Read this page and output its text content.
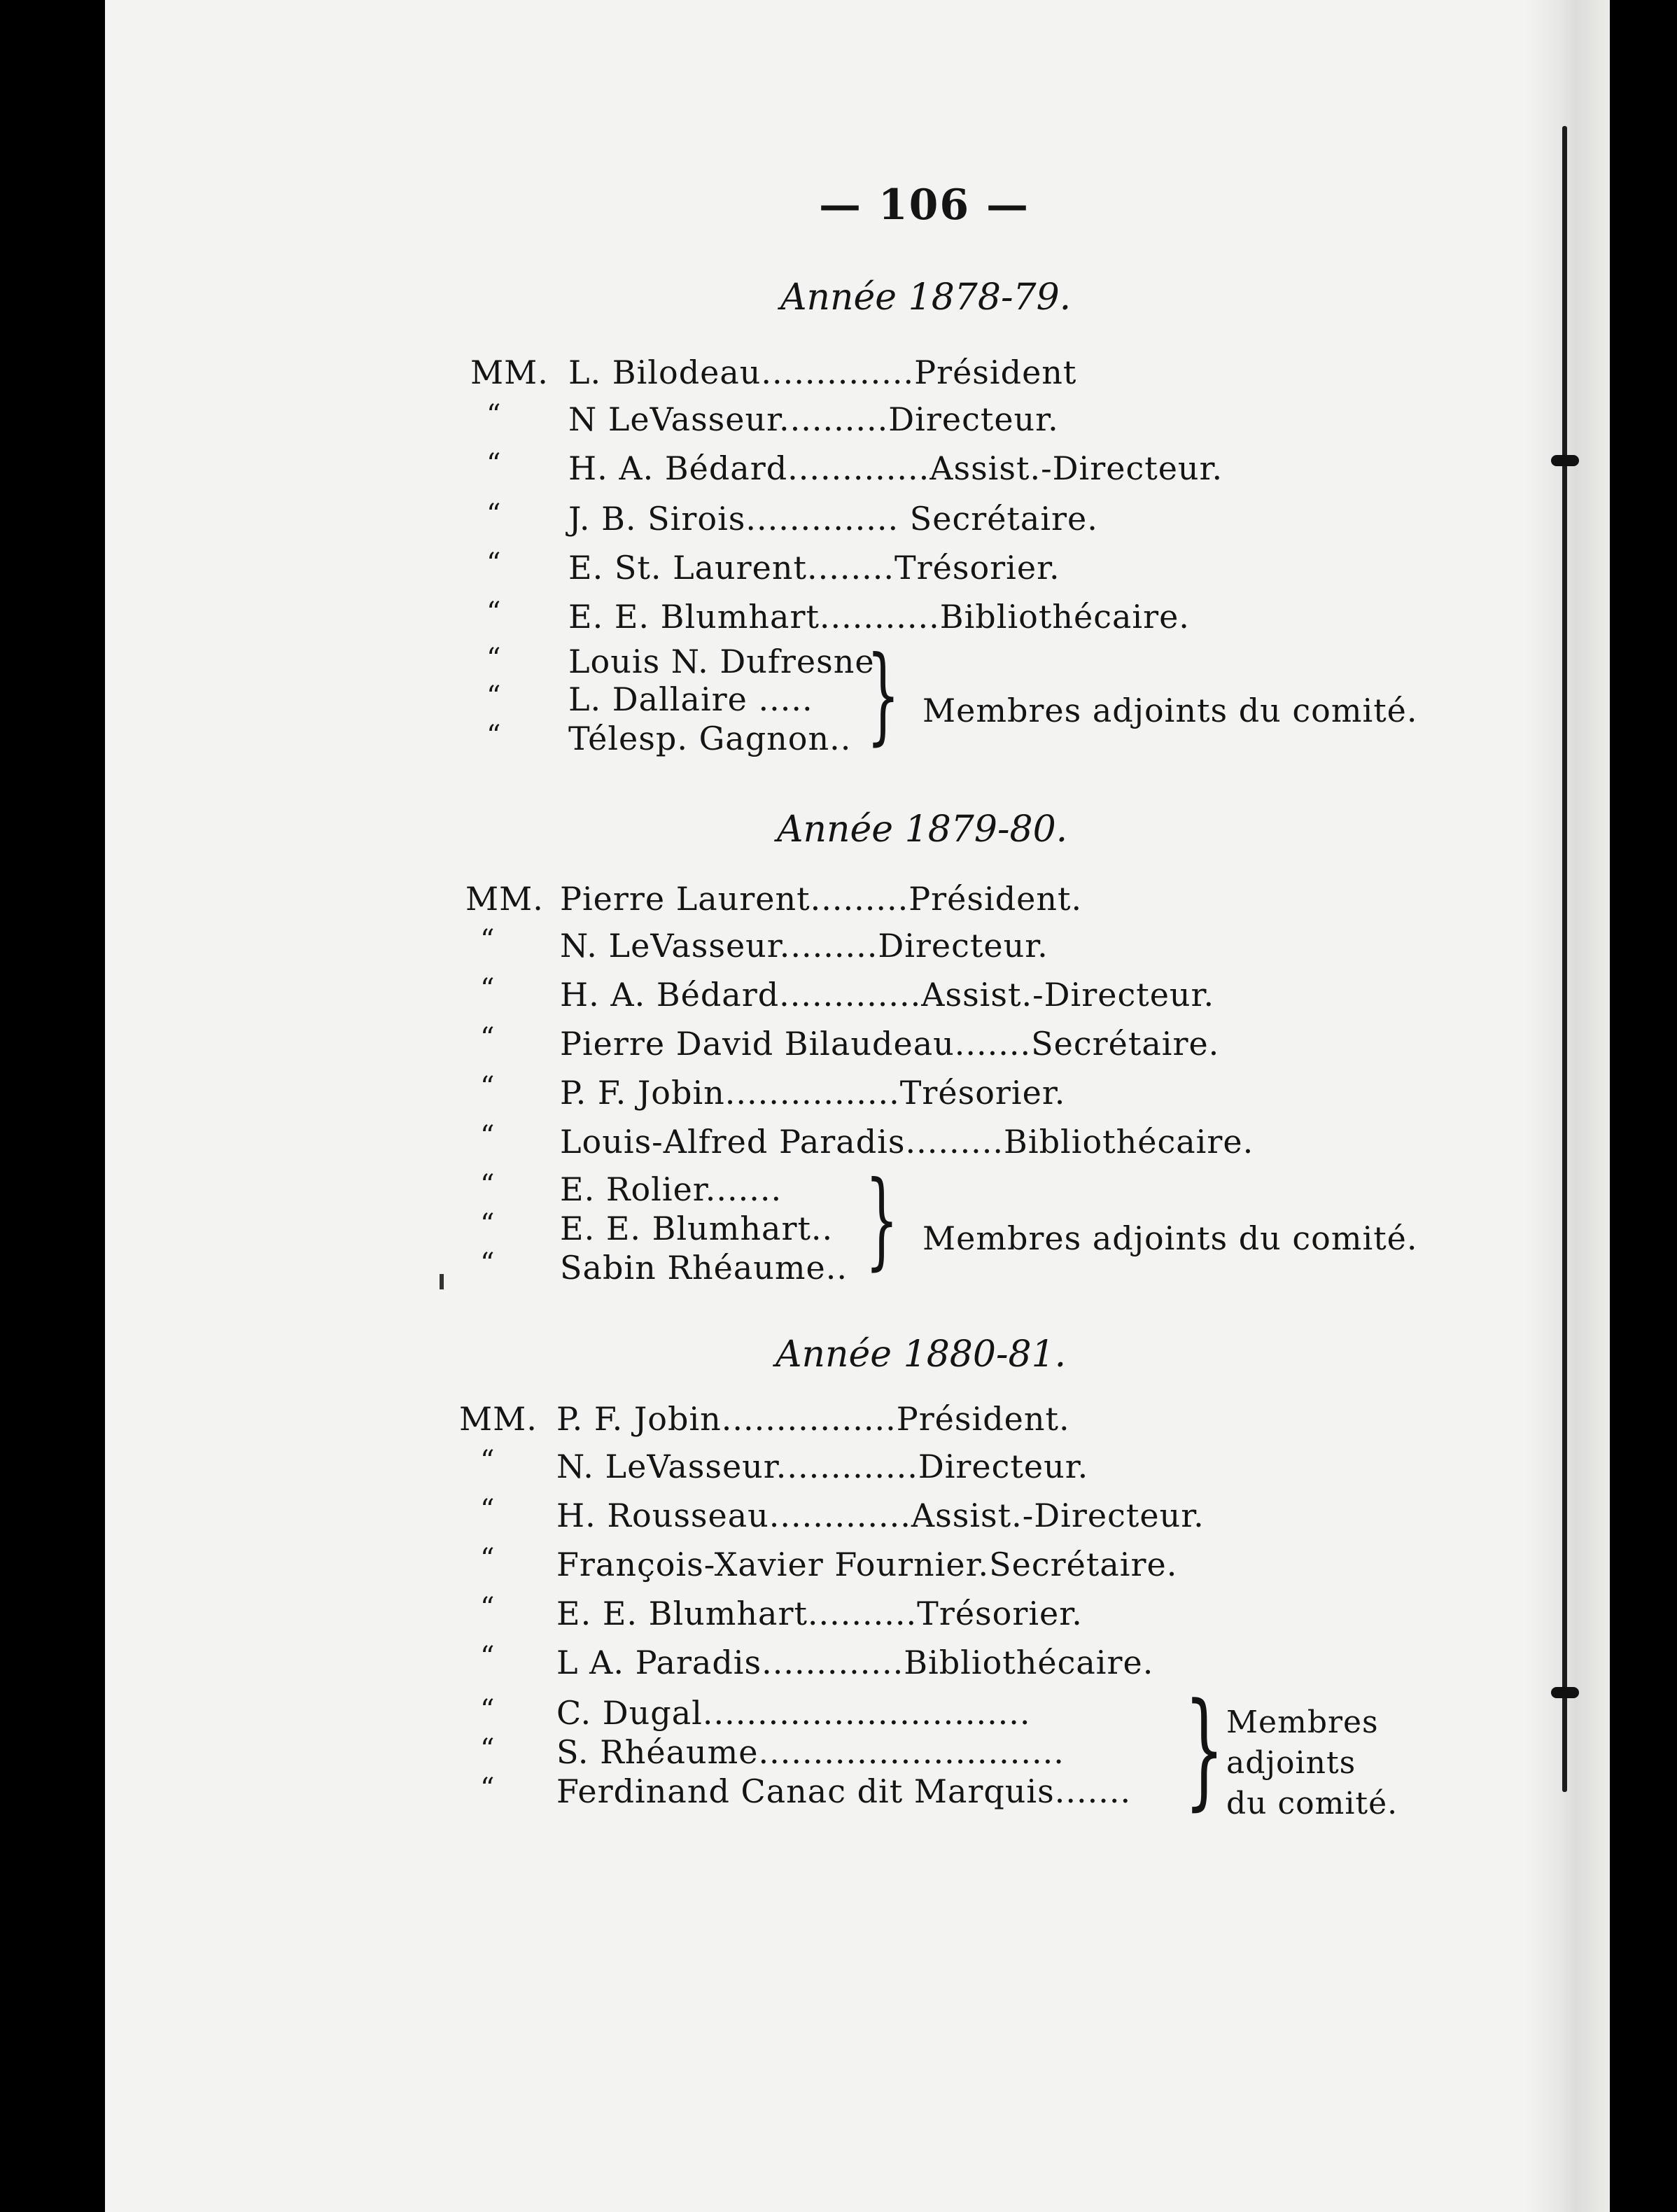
— 106 —
Année 1878-79.
MM. L. Bilodeau..............Président
“ N LeVasseur..........Directeur.
“ H. A. Bédard.............Assist.-Directeur.
“ J. B. Sirois.............. Secrétaire.
“ E. St. Laurent........Trésorier.
“ E. E. Blumhart...........Bibliothécaire.
“ Louis N. Dufresne
“ L. Dallaire .....
“ Télesp. Gagnon.. } Membres adjoints du comité.
Année 1879-80.
MM. Pierre Laurent.........Président.
“ N. LeVasseur.........Directeur.
“ H. A. Bédard.............Assist.-Directeur.
“ Pierre David Bilaudeau.......Secrétaire.
“ P. F. Jobin................Trésorier.
“ Louis-Alfred Paradis.........Bibliothécaire.
“ E. Rolier.......
“ E. E. Blumhart..
“ Sabin Rhéaume.. } Membres adjoints du comité.
Année 1880-81.
MM. P. F. Jobin................Président.
“ N. LeVasseur.............Directeur.
“ H. Rousseau.............Assist.-Directeur.
“ François-Xavier Fournier.Secrétaire.
“ E. E. Blumhart..........Trésorier.
“ L A. Paradis.............Bibliothécaire.
“ C. Dugal..............................
“ S. Rhéaume............................
“ Ferdinand Canac dit Marquis....... } Membres
adjoints
du comité.
